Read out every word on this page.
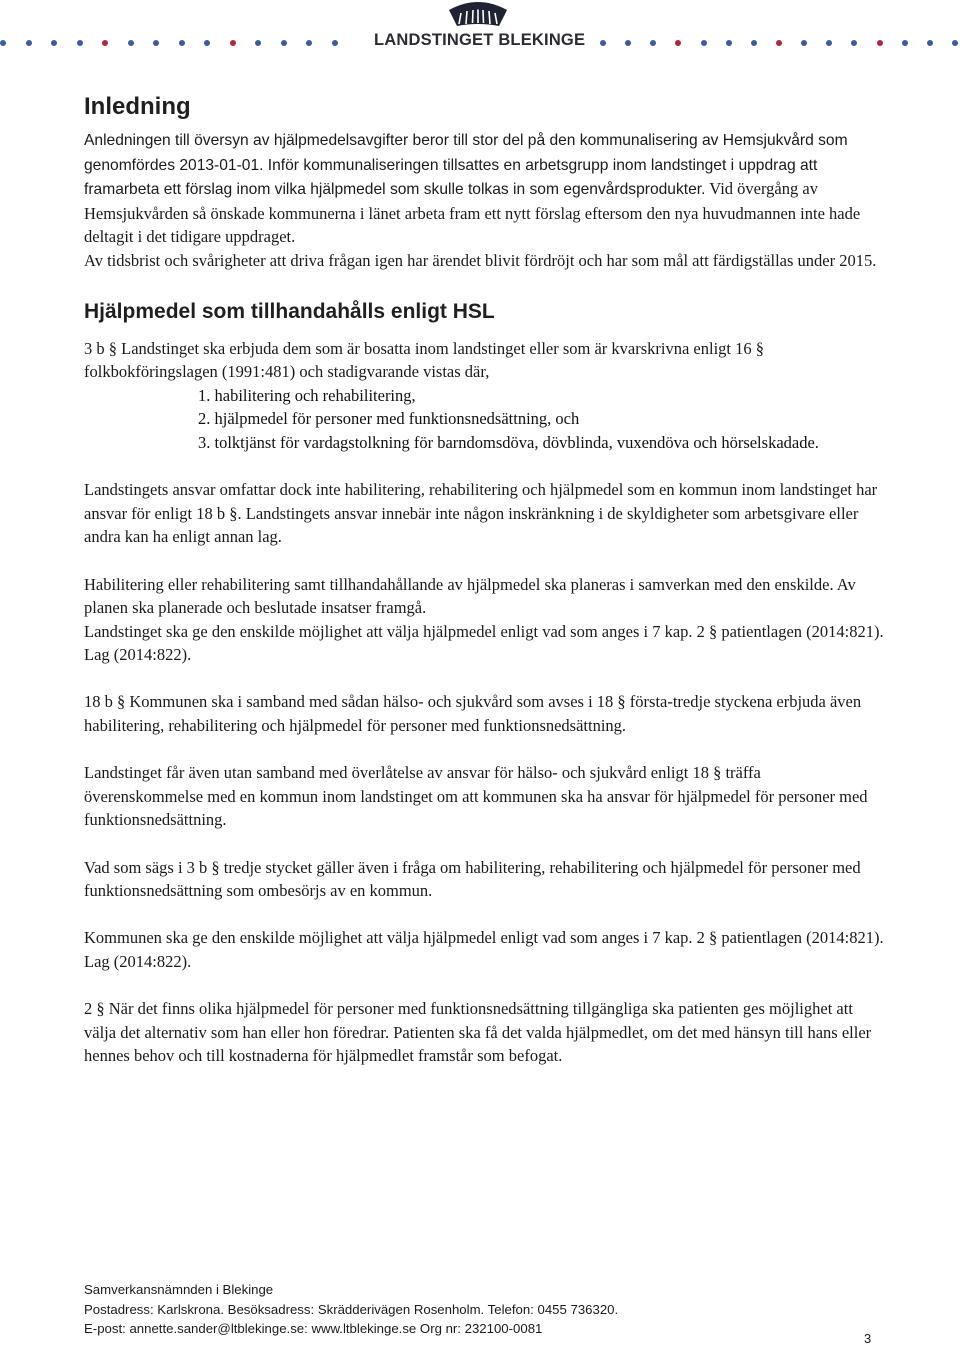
LANDSTINGET BLEKINGE
Inledning

Anledningen till översyn av hjälpmedelsavgifter beror till stor del på den kommunalisering av Hemsjukvård som genomfördes 2013-01-01. Inför kommunaliseringen tillsattes en arbetsgrupp inom landstinget i uppdrag att framarbeta ett förslag inom vilka hjälpmedel som skulle tolkas in som egenvårdsprodukter. Vid övergång av Hemsjukvården så önskade kommunerna i länet arbeta fram ett nytt förslag eftersom den nya huvudmannen inte hade deltagit i det tidigare uppdraget.

Av tidsbrist och svårigheter att driva frågan igen har ärendet blivit fördröjt och har som mål att färdigställas under 2015.

Hjälpmedel som tillhandahålls enligt HSL

3 b § Landstinget ska erbjuda dem som är bosatta inom landstinget eller som är kvarskrivna enligt 16 § folkbokföringslagen (1991:481) och stadigvarande vistas där,

1. habilitering och rehabilitering,
2. hjälpmedel för personer med funktionsnedsättning, och
3. tolktjänst för vardagstolkning för barndomsdöva, dövblinda, vuxendöva och hörselskadade.

Landstingets ansvar omfattar dock inte habilitering, rehabilitering och hjälpmedel som en kommun inom landstinget har ansvar för enligt 18 b §. Landstingets ansvar innebär inte någon inskränkning i de skyldigheter som arbetsgivare eller andra kan ha enligt annan lag.

Habilitering eller rehabilitering samt tillhandahållande av hjälpmedel ska planeras i samverkan med den enskilde. Av planen ska planerade och beslutade insatser framgå.

Landstinget ska ge den enskilde möjlighet att välja hjälpmedel enligt vad som anges i 7 kap. 2 § patientlagen (2014:821). Lag (2014:822).

18 b § Kommunen ska i samband med sådan hälso- och sjukvård som avses i 18 § första-tredje styckena erbjuda även habilitering, rehabilitering och hjälpmedel för personer med funktionsnedsättning.

Landstinget får även utan samband med överlåtelse av ansvar för hälso- och sjukvård enligt 18 § träffa överenskommelse med en kommun inom landstinget om att kommunen ska ha ansvar för hjälpmedel för personer med funktionsnedsättning.

Vad som sägs i 3 b § tredje stycket gäller även i fråga om habilitering, rehabilitering och hjälpmedel för personer med funktionsnedsättning som ombesörjs av en kommun.

Kommunen ska ge den enskilde möjlighet att välja hjälpmedel enligt vad som anges i 7 kap. 2 § patientlagen (2014:821). Lag (2014:822).

2 § När det finns olika hjälpmedel för personer med funktionsnedsättning tillgängliga ska patienten ges möjlighet att välja det alternativ som han eller hon föredrar. Patienten ska få det valda hjälpmedlet, om det med hänsyn till hans eller hennes behov och till kostnaderna för hjälpmedlet framstår som befogat.

Samverkansnämnden i Blekinge
Postadress: Karlskrona. Besöksadress: Skrädderivägen Rosenholm. Telefon: 0455 736320.
E-post: annette.sander@ltblekinge.se: www.ltblekinge.se Org nr: 232100-0081
3
